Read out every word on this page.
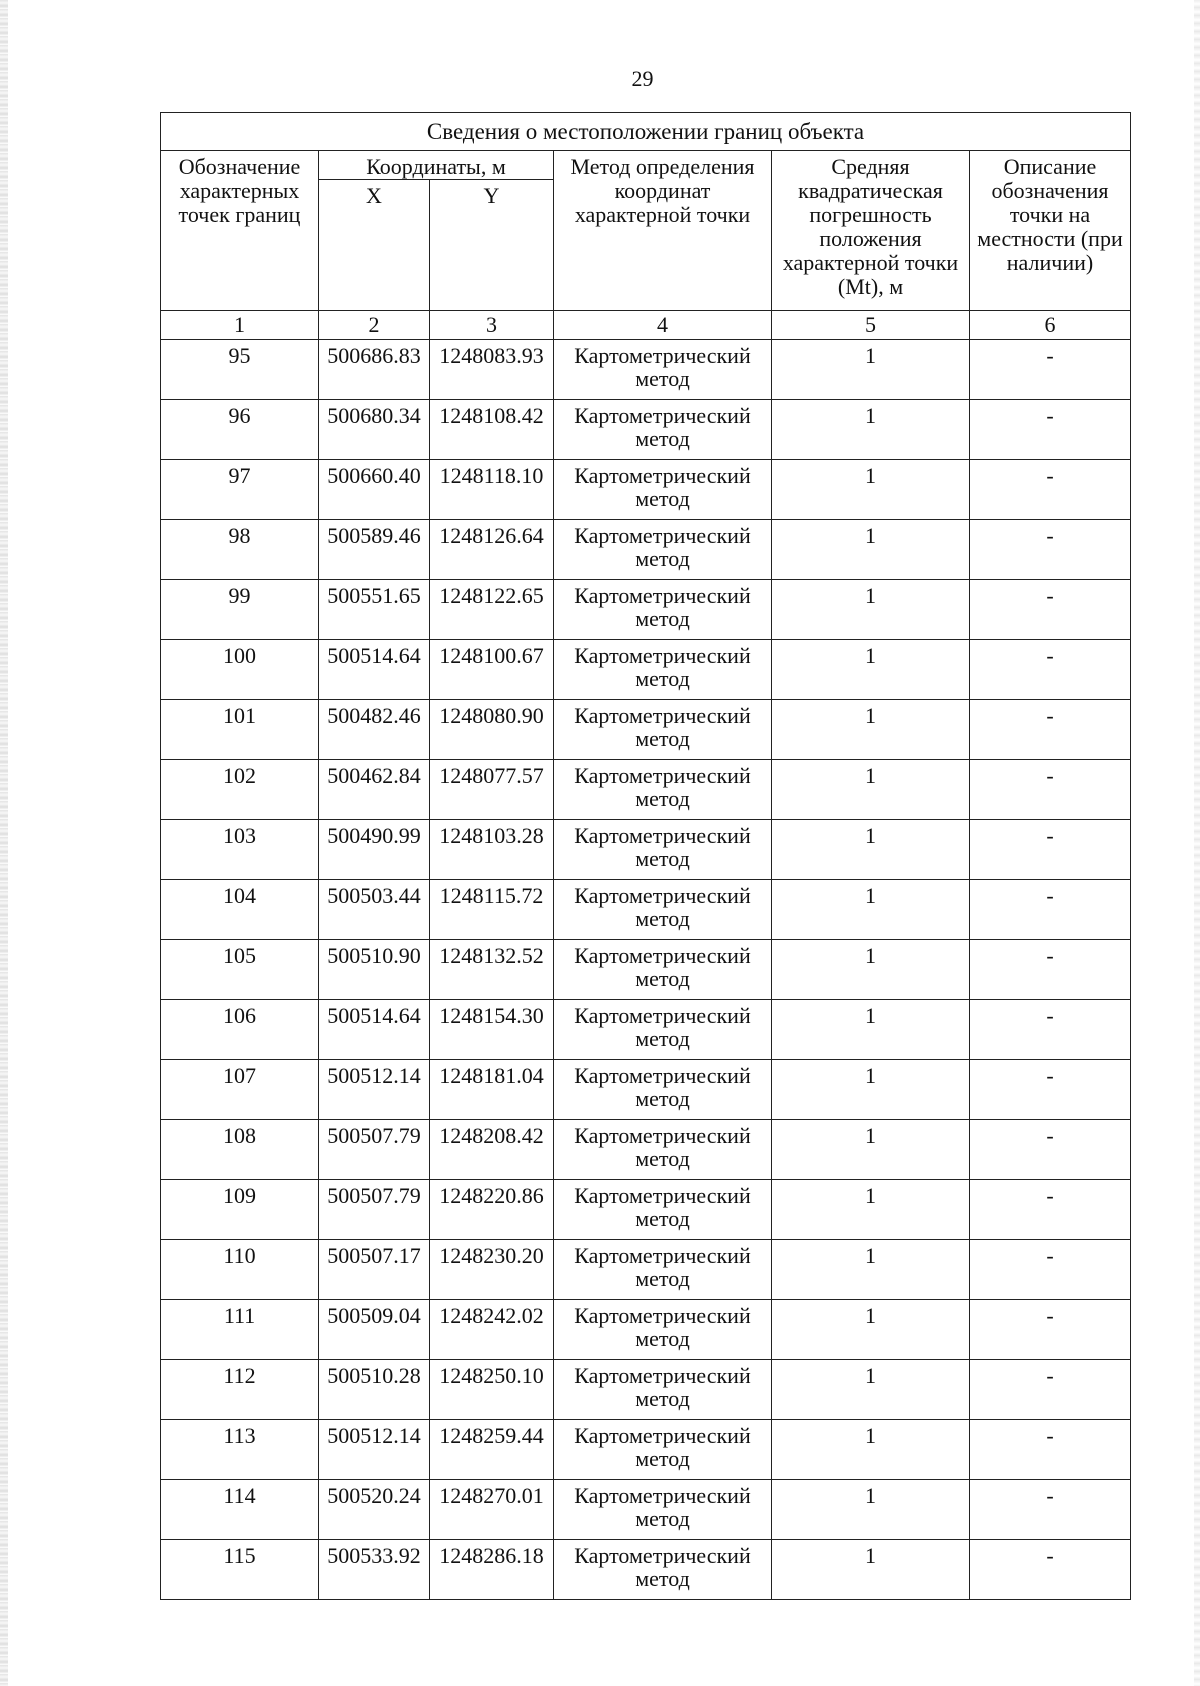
29
Сведения о местоположении границ объекта					
Обозначение характерных точек границ	Координаты, м		Метод определения координат характерной точки	Средняя квадратическая погрешность положения характерной точки (Mt), м	Описание обозначения точки на местности (при наличии)
	X	Y			
1	2	3	4	5	6
95	500686.83	1248083.93	Картометрический метод	1	-
96	500680.34	1248108.42	Картометрический метод	1	-
97	500660.40	1248118.10	Картометрический метод	1	-
98	500589.46	1248126.64	Картометрический метод	1	-
99	500551.65	1248122.65	Картометрический метод	1	-
100	500514.64	1248100.67	Картометрический метод	1	-
101	500482.46	1248080.90	Картометрический метод	1	-
102	500462.84	1248077.57	Картометрический метод	1	-
103	500490.99	1248103.28	Картометрический метод	1	-
104	500503.44	1248115.72	Картометрический метод	1	-
105	500510.90	1248132.52	Картометрический метод	1	-
106	500514.64	1248154.30	Картометрический метод	1	-
107	500512.14	1248181.04	Картометрический метод	1	-
108	500507.79	1248208.42	Картометрический метод	1	-
109	500507.79	1248220.86	Картометрический метод	1	-
110	500507.17	1248230.20	Картометрический метод	1	-
111	500509.04	1248242.02	Картометрический метод	1	-
112	500510.28	1248250.10	Картометрический метод	1	-
113	500512.14	1248259.44	Картометрический метод	1	-
114	500520.24	1248270.01	Картометрический метод	1	-
115	500533.92	1248286.18	Картометрический метод	1	-
